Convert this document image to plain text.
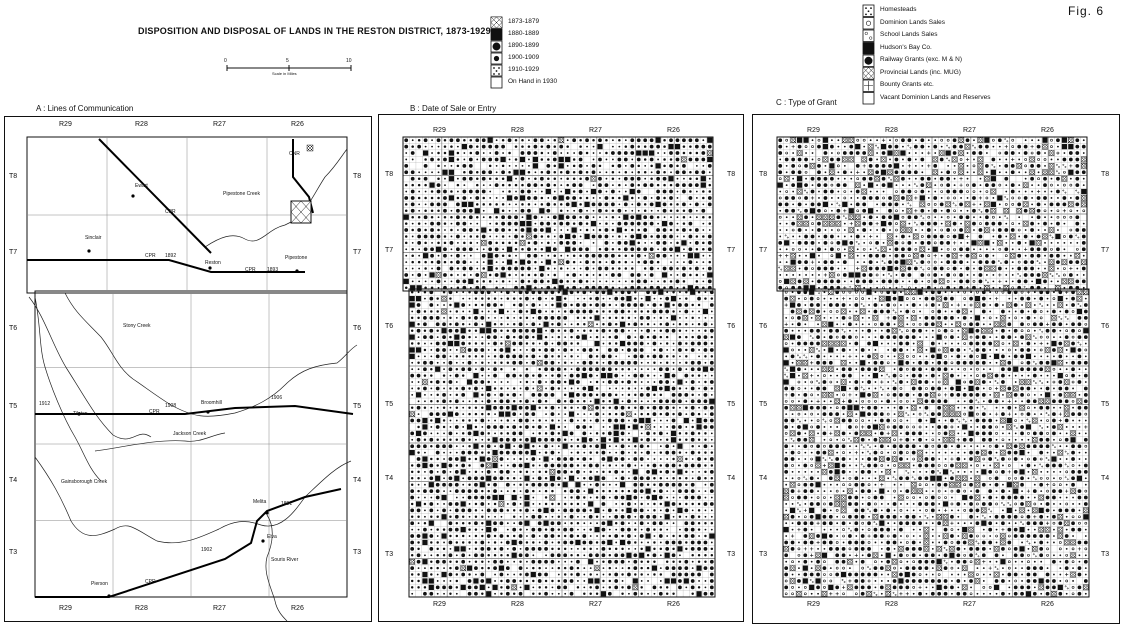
DISPOSITION AND DISPOSAL OF LANDS IN THE RESTON DISTRICT, 1873-1929
Fig. 6
0	5	10
Scale in Miles
1873-1879
1880-1889
1890-1899
1900-1909
1910-1929
On Hand in 1930
Homesteads
Dominion Lands Sales
School Lands Sales
Hudson's Bay Co.
Railway Grants (exc. M & N)
Provincial Lands (inc. MUG)
Bounty Grants etc.
Vacant Dominion Lands and Reserves
A : Lines of Communication	B : Date of Sale or Entry
C : Type of Grant
Ewart
Sinclair
Reston
Pipestone
Tilston
Broomhill
Melita
Elva
Pierson
CPR
CPR
CPR 1893
1892
CPR
1908
1912
1906
CPR
1891
1902
CNR
Pipestone Creek
Stony Creek
Jackson Creek
Gainsborough Creek
Souris River
R29
R29
R28
R28
R27
R27
R26
R26
T8	T8
T7	T7
T6	T6
T5	T5
T4	T4
T3	T3
R29
R29
R28
R28
R27
R27
R26
R26
T8	T8
T7	T7
T6	T6
T5	T5
T4	T4
T3	T3
R29
R29
R28
R28
R27
R27
R26
R26
T8	T8
T7	T7
T6	T6
T5	T5
T4	T4
T3	T3
